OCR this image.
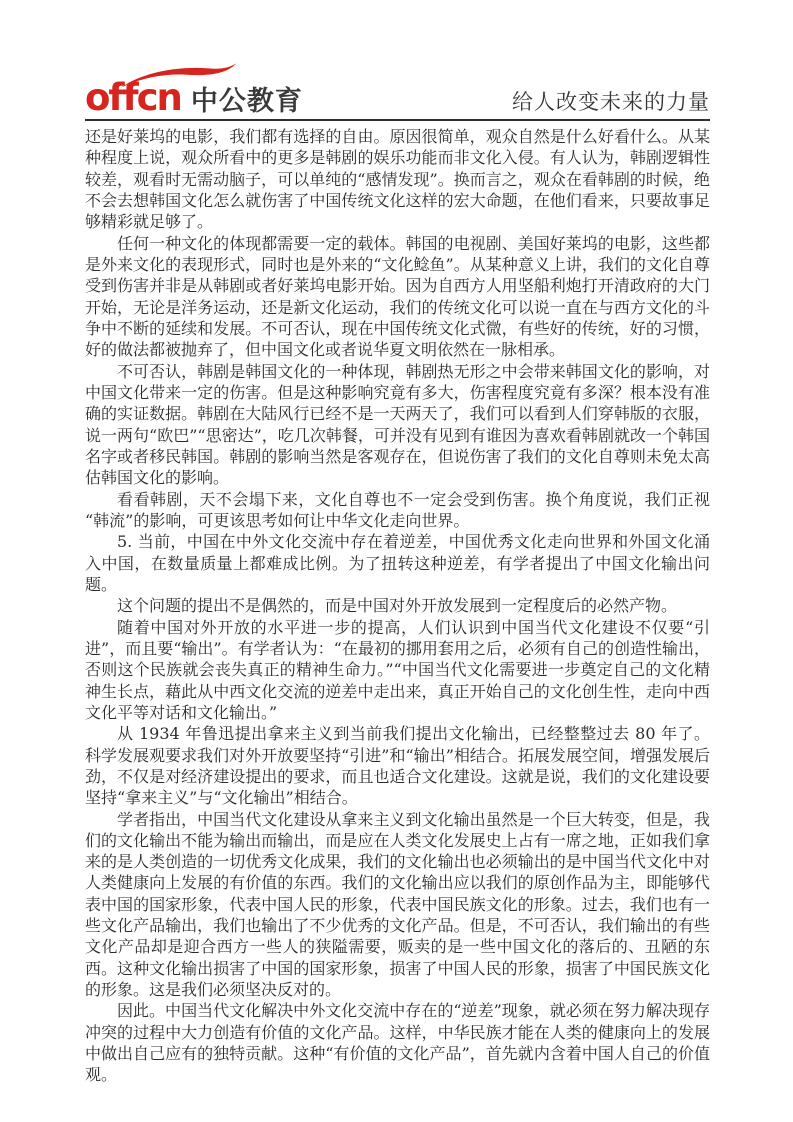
offcn 中公教育	给人改变未来的力量

还是好莱坞的电影，我们都有选择的自由。原因很简单，观众自然是什么好看什么。从某种程度上说，观众所看中的更多是韩剧的娱乐功能而非文化入侵。有人认为，韩剧逻辑性较差，观看时无需动脑子，可以单纯的“感情发现”。换而言之，观众在看韩剧的时候，绝不会去想韩国文化怎么就伤害了中国传统文化这样的宏大命题，在他们看来，只要故事足够精彩就足够了。

任何一种文化的体现都需要一定的载体。韩国的电视剧、美国好莱坞的电影，这些都是外来文化的表现形式，同时也是外来的“文化鲶鱼”。从某种意义上讲，我们的文化自尊受到伤害并非是从韩剧或者好莱坞电影开始。因为自西方人用坚船利炮打开清政府的大门开始，无论是洋务运动，还是新文化运动，我们的传统文化可以说一直在与西方文化的斗争中不断的延续和发展。不可否认，现在中国传统文化式微，有些好的传统，好的习惯，好的做法都被抛弃了，但中国文化或者说华夏文明依然在一脉相承。

不可否认，韩剧是韩国文化的一种体现，韩剧热无形之中会带来韩国文化的影响，对中国文化带来一定的伤害。但是这种影响究竟有多大，伤害程度究竟有多深？根本没有准确的实证数据。韩剧在大陆风行已经不是一天两天了，我们可以看到人们穿韩版的衣服，说一两句“欧巴”“思密达”，吃几次韩餐，可并没有见到有谁因为喜欢看韩剧就改一个韩国名字或者移民韩国。韩剧的影响当然是客观存在，但说伤害了我们的文化自尊则未免太高估韩国文化的影响。

看看韩剧，天不会塌下来，文化自尊也不一定会受到伤害。换个角度说，我们正视“韩流”的影响，可更该思考如何让中华文化走向世界。

5. 当前，中国在中外文化交流中存在着逆差，中国优秀文化走向世界和外国文化涌入中国，在数量质量上都难成比例。为了扭转这种逆差，有学者提出了中国文化输出问题。

这个问题的提出不是偶然的，而是中国对外开放发展到一定程度后的必然产物。

随着中国对外开放的水平进一步的提高，人们认识到中国当代文化建设不仅要“引进”，而且要“输出”。有学者认为：“在最初的挪用套用之后，必须有自己的创造性输出，否则这个民族就会丧失真正的精神生命力。”“中国当代文化需要进一步奠定自己的文化精神生长点，藉此从中西文化交流的逆差中走出来，真正开始自己的文化创生性，走向中西文化平等对话和文化输出。”

从 1934 年鲁迅提出拿来主义到当前我们提出文化输出，已经整整过去 80 年了。科学发展观要求我们对外开放要坚持“引进”和“输出”相结合。拓展发展空间，增强发展后劲，不仅是对经济建设提出的要求，而且也适合文化建设。这就是说，我们的文化建设要坚持“拿来主义”与“文化输出”相结合。

学者指出，中国当代文化建设从拿来主义到文化输出虽然是一个巨大转变，但是，我们的文化输出不能为输出而输出，而是应在人类文化发展史上占有一席之地，正如我们拿来的是人类创造的一切优秀文化成果，我们的文化输出也必须输出的是中国当代文化中对人类健康向上发展的有价值的东西。我们的文化输出应以我们的原创作品为主，即能够代表中国的国家形象，代表中国人民的形象，代表中国民族文化的形象。过去，我们也有一些文化产品输出，我们也输出了不少优秀的文化产品。但是，不可否认，我们输出的有些文化产品却是迎合西方一些人的狭隘需要，贩卖的是一些中国文化的落后的、丑陋的东西。这种文化输出损害了中国的国家形象，损害了中国人民的形象，损害了中国民族文化的形象。这是我们必须坚决反对的。

因此。中国当代文化解决中外文化交流中存在的“逆差”现象，就必须在努力解决现存冲突的过程中大力创造有价值的文化产品。这样，中华民族才能在人类的健康向上的发展中做出自己应有的独特贡献。这种“有价值的文化产品”，首先就内含着中国人自己的价值观。
